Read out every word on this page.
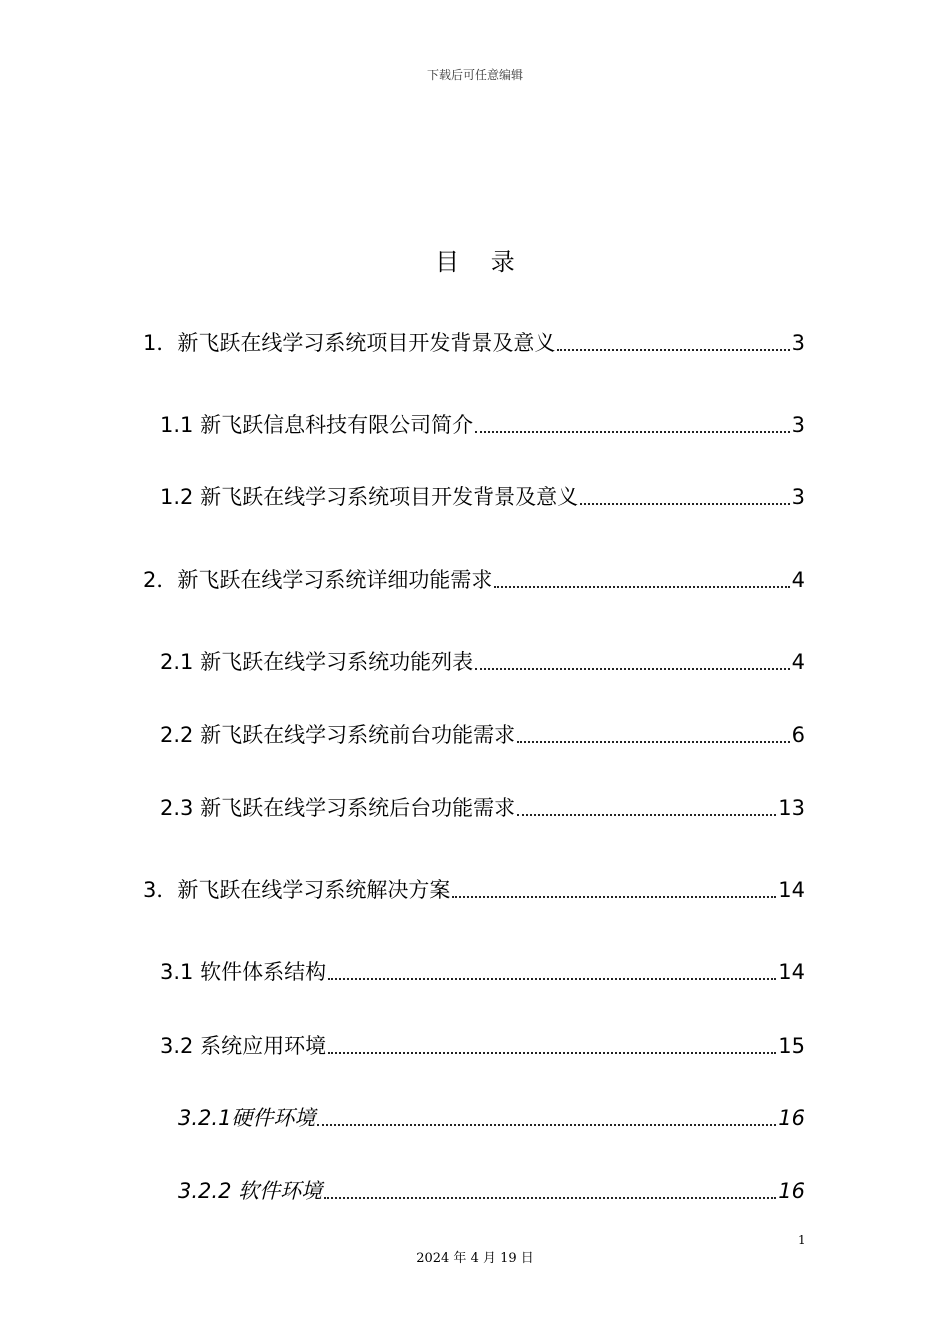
下载后可任意编辑
目 录
1．新飞跃在线学习系统项目开发背景及意义	3
1.1 新飞跃信息科技有限公司简介	3
1.2 新飞跃在线学习系统项目开发背景及意义	3
2．新飞跃在线学习系统详细功能需求	4
2.1 新飞跃在线学习系统功能列表	4
2.2 新飞跃在线学习系统前台功能需求	6
2.3 新飞跃在线学习系统后台功能需求	13
3．新飞跃在线学习系统解决方案	14
3.1 软件体系结构	14
3.2 系统应用环境	15
3.2.1硬件环境	16
3.2.2 软件环境	16
1
2024 年 4 月 19 日
